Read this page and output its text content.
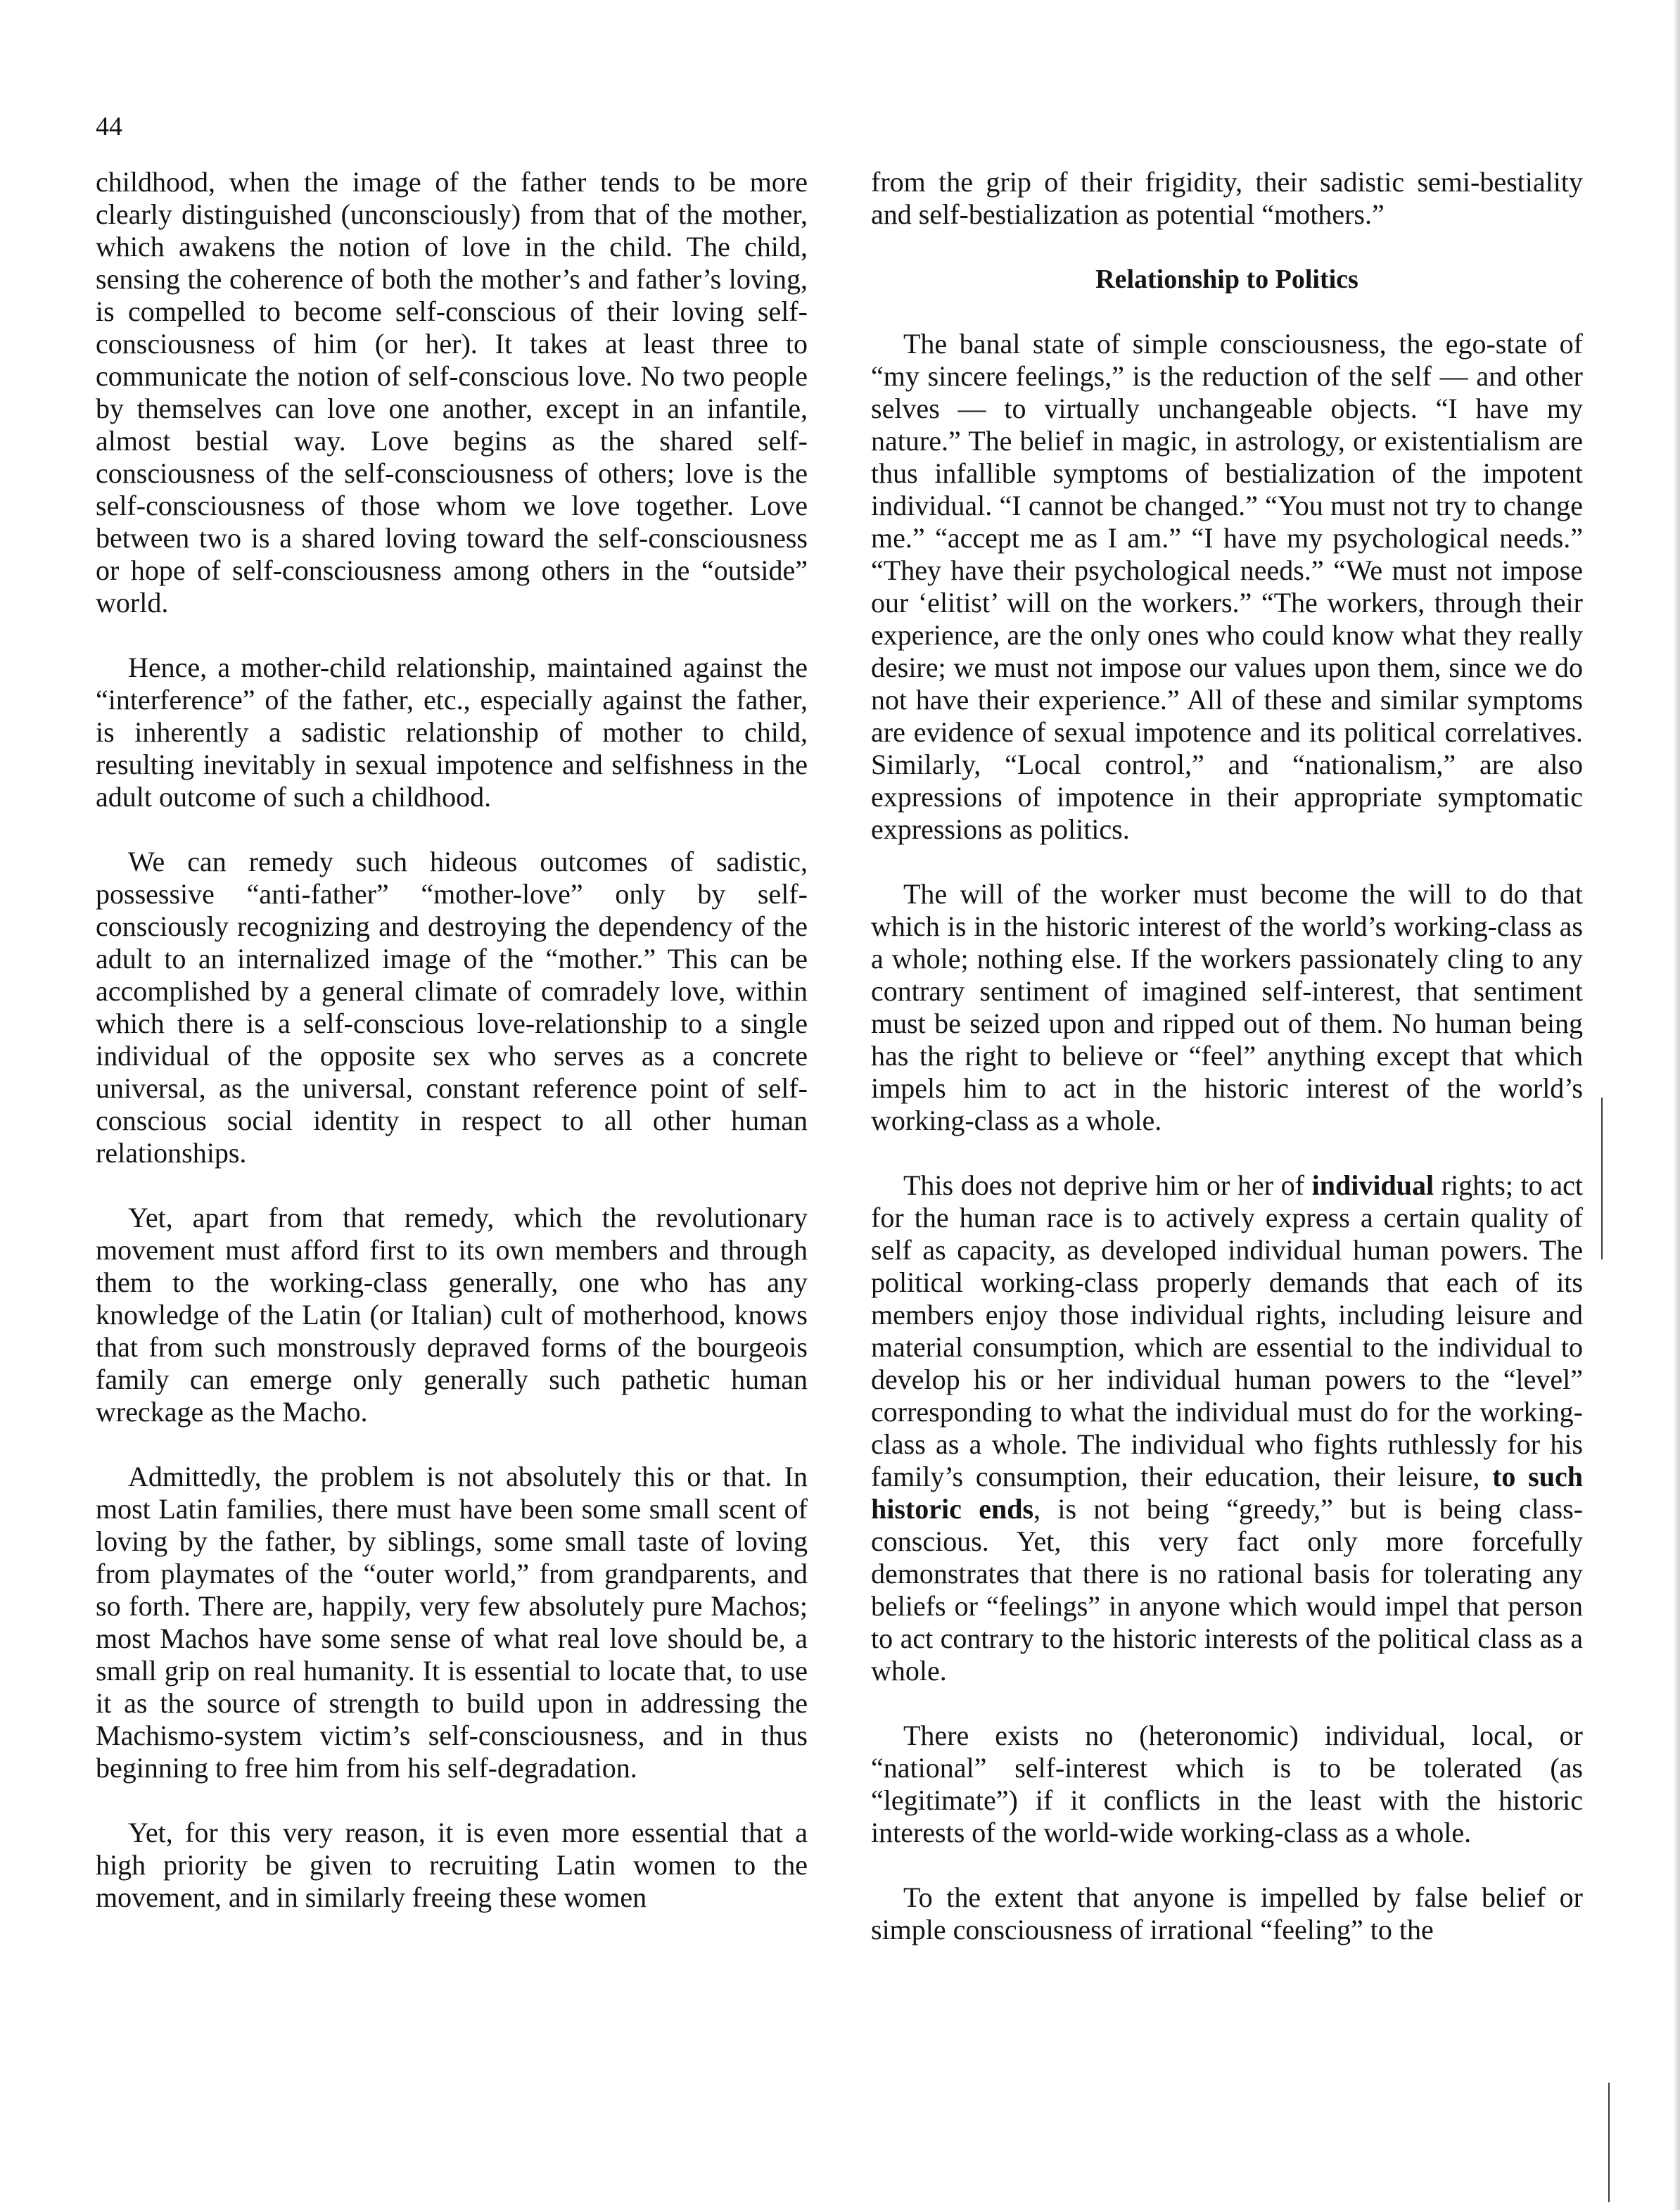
44

childhood, when the image of the father tends to be more clearly distinguished (unconsciously) from that of the mother, which awakens the notion of love in the child. The child, sensing the coherence of both the mother’s and father’s loving, is compelled to become self-conscious of their loving self-consciousness of him (or her). It takes at least three to communicate the notion of self-conscious love. No two people by themselves can love one another, except in an infantile, almost bestial way. Love begins as the shared self-consciousness of the self-consciousness of others; love is the self-consciousness of those whom we love together. Love between two is a shared loving toward the self-consciousness or hope of self-consciousness among others in the “outside” world.

Hence, a mother-child relationship, maintained against the “interference” of the father, etc., especially against the father, is inherently a sadistic relationship of mother to child, resulting inevitably in sexual impotence and selfishness in the adult outcome of such a childhood.

We can remedy such hideous outcomes of sadistic, possessive “anti-father” “mother-love” only by self-consciously recognizing and destroying the dependency of the adult to an internalized image of the “mother.” This can be accomplished by a general climate of comradely love, within which there is a self-conscious love-relationship to a single individual of the opposite sex who serves as a concrete universal, as the universal, constant reference point of self-conscious social identity in respect to all other human relationships.

Yet, apart from that remedy, which the revolutionary movement must afford first to its own members and through them to the working-class generally, one who has any knowledge of the Latin (or Italian) cult of motherhood, knows that from such monstrously depraved forms of the bourgeois family can emerge only generally such pathetic human wreckage as the Macho.

Admittedly, the problem is not absolutely this or that. In most Latin families, there must have been some small scent of loving by the father, by siblings, some small taste of loving from playmates of the “outer world,” from grandparents, and so forth. There are, happily, very few absolutely pure Machos; most Machos have some sense of what real love should be, a small grip on real humanity. It is essential to locate that, to use it as the source of strength to build upon in addressing the Machismo-system victim’s self-consciousness, and in thus beginning to free him from his self-degradation.

Yet, for this very reason, it is even more essential that a high priority be given to recruiting Latin women to the movement, and in similarly freeing these women

from the grip of their frigidity, their sadistic semi-bestiality and self-bestialization as potential “mothers.”

Relationship to Politics

The banal state of simple consciousness, the ego-state of “my sincere feelings,” is the reduction of the self — and other selves — to virtually unchangeable objects. “I have my nature.” The belief in magic, in astrology, or existentialism are thus infallible symptoms of bestialization of the impotent individual. “I cannot be changed.” “You must not try to change me.” “accept me as I am.” “I have my psychological needs.” “They have their psychological needs.” “We must not impose our ‘elitist’ will on the workers.” “The workers, through their experience, are the only ones who could know what they really desire; we must not impose our values upon them, since we do not have their experience.” All of these and similar symptoms are evidence of sexual impotence and its political correlatives. Similarly, “Local control,” and “nationalism,” are also expressions of impotence in their appropriate symptomatic expressions as politics.

The will of the worker must become the will to do that which is in the historic interest of the world’s working-class as a whole; nothing else. If the workers passionately cling to any contrary sentiment of imagined self-interest, that sentiment must be seized upon and ripped out of them. No human being has the right to believe or “feel” anything except that which impels him to act in the historic interest of the world’s working-class as a whole.

This does not deprive him or her of individual rights; to act for the human race is to actively express a certain quality of self as capacity, as developed individual human powers. The political working-class properly demands that each of its members enjoy those individual rights, including leisure and material consumption, which are essential to the individual to develop his or her individual human powers to the “level” corresponding to what the individual must do for the working-class as a whole. The individual who fights ruthlessly for his family’s consumption, their education, their leisure, to such historic ends, is not being “greedy,” but is being class-conscious. Yet, this very fact only more forcefully demonstrates that there is no rational basis for tolerating any beliefs or “feelings” in anyone which would impel that person to act contrary to the historic interests of the political class as a whole.

There exists no (heteronomic) individual, local, or “national” self-interest which is to be tolerated (as “legitimate”) if it conflicts in the least with the historic interests of the world-wide working-class as a whole.

To the extent that anyone is impelled by false belief or simple consciousness of irrational “feeling” to the
